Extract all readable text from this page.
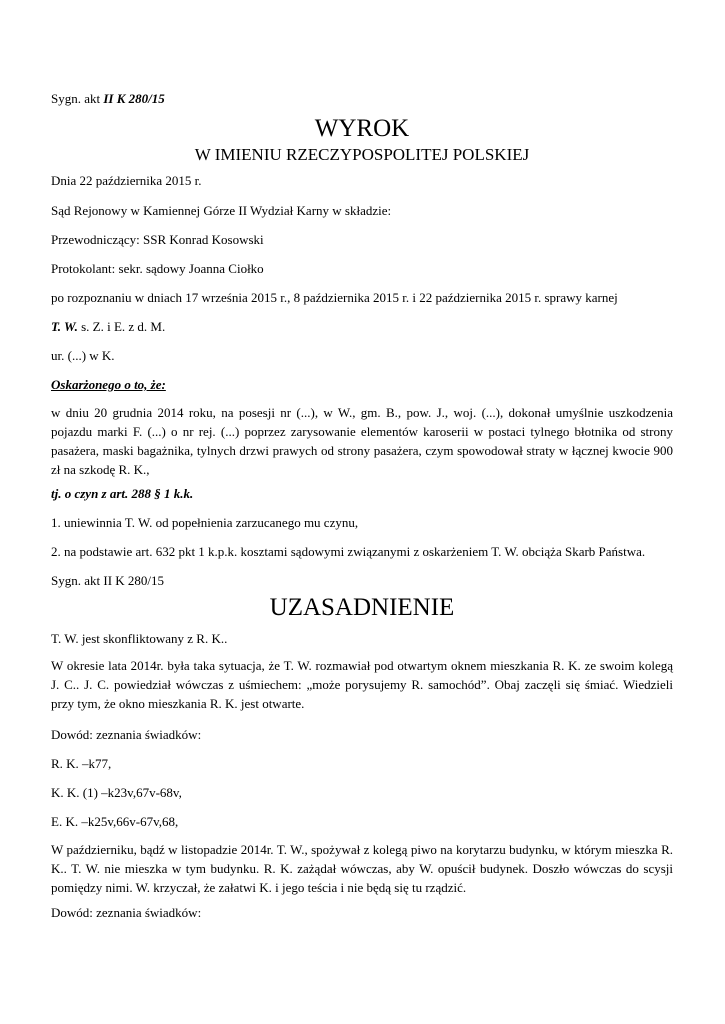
Sygn. akt II K 280/15

WYROK

W IMIENIU RZECZYPOSPOLITEJ POLSKIEJ

Dnia 22 października 2015 r.

Sąd Rejonowy w Kamiennej Górze II Wydział Karny w składzie:

Przewodniczący: SSR Konrad Kosowski

Protokolant: sekr. sądowy Joanna Ciołko

po rozpoznaniu w dniach 17 września 2015 r., 8 października 2015 r. i 22 października 2015 r. sprawy karnej

T. W. s. Z. i E. z d. M.

ur. (...) w K.

Oskarżonego o to, że:

w dniu 20 grudnia 2014 roku, na posesji nr (...), w W., gm. B., pow. J., woj. (...), dokonał umyślnie uszkodzenia pojazdu marki F. (...) o nr rej. (...) poprzez zarysowanie elementów karoserii w postaci tylnego błotnika od strony pasażera, maski bagażnika, tylnych drzwi prawych od strony pasażera, czym spowodował straty w łącznej kwocie 900 zł na szkodę R. K.,

tj. o czyn z art. 288 § 1 k.k.

1. uniewinnia T. W. od popełnienia zarzucanego mu czynu,

2. na podstawie art. 632 pkt 1 k.p.k. kosztami sądowymi związanymi z oskarżeniem T. W. obciąża Skarb Państwa.

Sygn. akt II K 280/15

UZASADNIENIE

T. W. jest skonfliktowany z R. K..

W okresie lata 2014r. była taka sytuacja, że T. W. rozmawiał pod otwartym oknem mieszkania R. K. ze swoim kolegą J. C.. J. C. powiedział wówczas z uśmiechem: „może porysujemy R. samochód”. Obaj zaczęli się śmiać. Wiedzieli przy tym, że okno mieszkania R. K. jest otwarte.

Dowód: zeznania świadków:

R. K. –k77,

K. K. (1) –k23v,67v-68v,

E. K. –k25v,66v-67v,68,

W październiku, bądź w listopadzie 2014r. T. W., spożywał z kolegą piwo na korytarzu budynku, w którym mieszka R. K.. T. W. nie mieszka w tym budynku. R. K. zażądał wówczas, aby W. opuścił budynek. Doszło wówczas do scysji pomiędzy nimi. W. krzyczał, że załatwi K. i jego teścia i nie będą się tu rządzić.

Dowód: zeznania świadków:
